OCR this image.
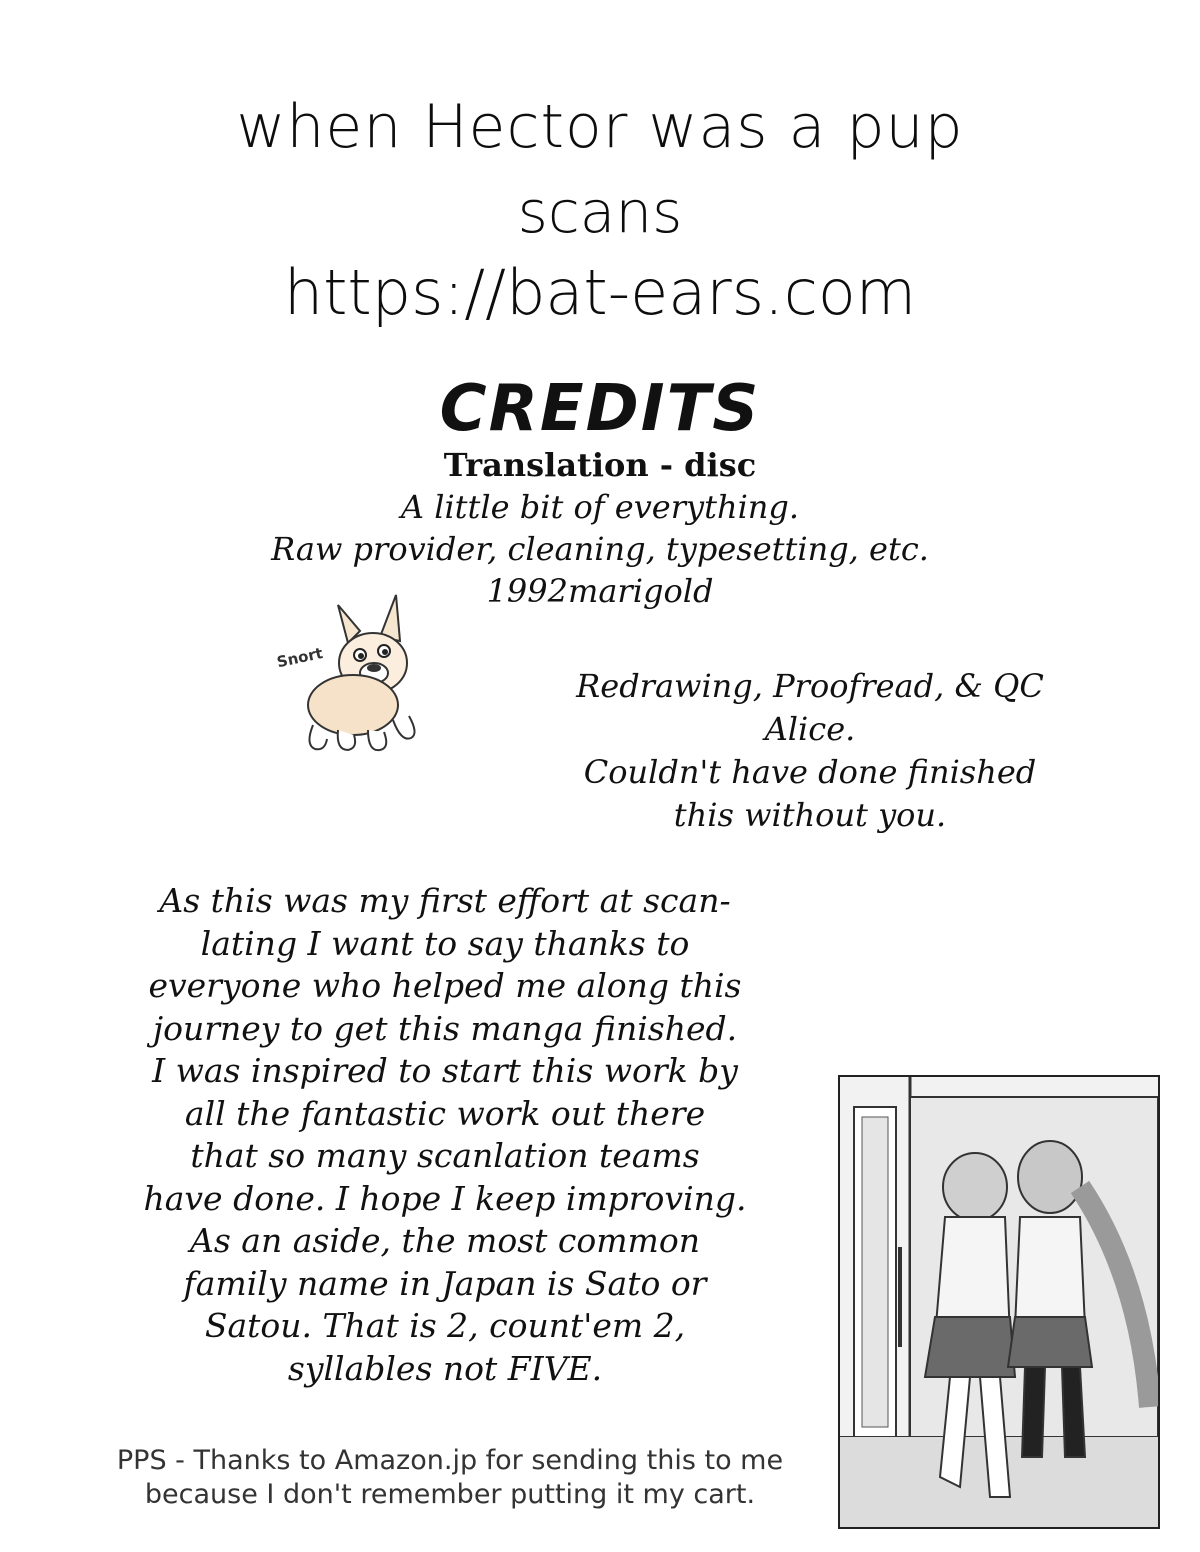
when Hector was a pup
scans
https://bat-ears.com
CREDITS
Translation - disc
A little bit of everything.
Raw provider, cleaning, typesetting, etc.
1992marigold
Snort
Redrawing, Proofread, & QC
Alice.
Couldn't have done finished
this without you.
As this was my first effort at scan-
lating I want to say thanks to
everyone who helped me along this
journey to get this manga finished.
I was inspired to start this work by
all the fantastic work out there
that so many scanlation teams
have done. I hope I keep improving.
As an aside, the most common
family name in Japan is Sato or
Satou. That is 2, count'em 2,
syllables not FIVE.
PPS - Thanks to Amazon.jp for sending this to me
because I don't remember putting it my cart.
